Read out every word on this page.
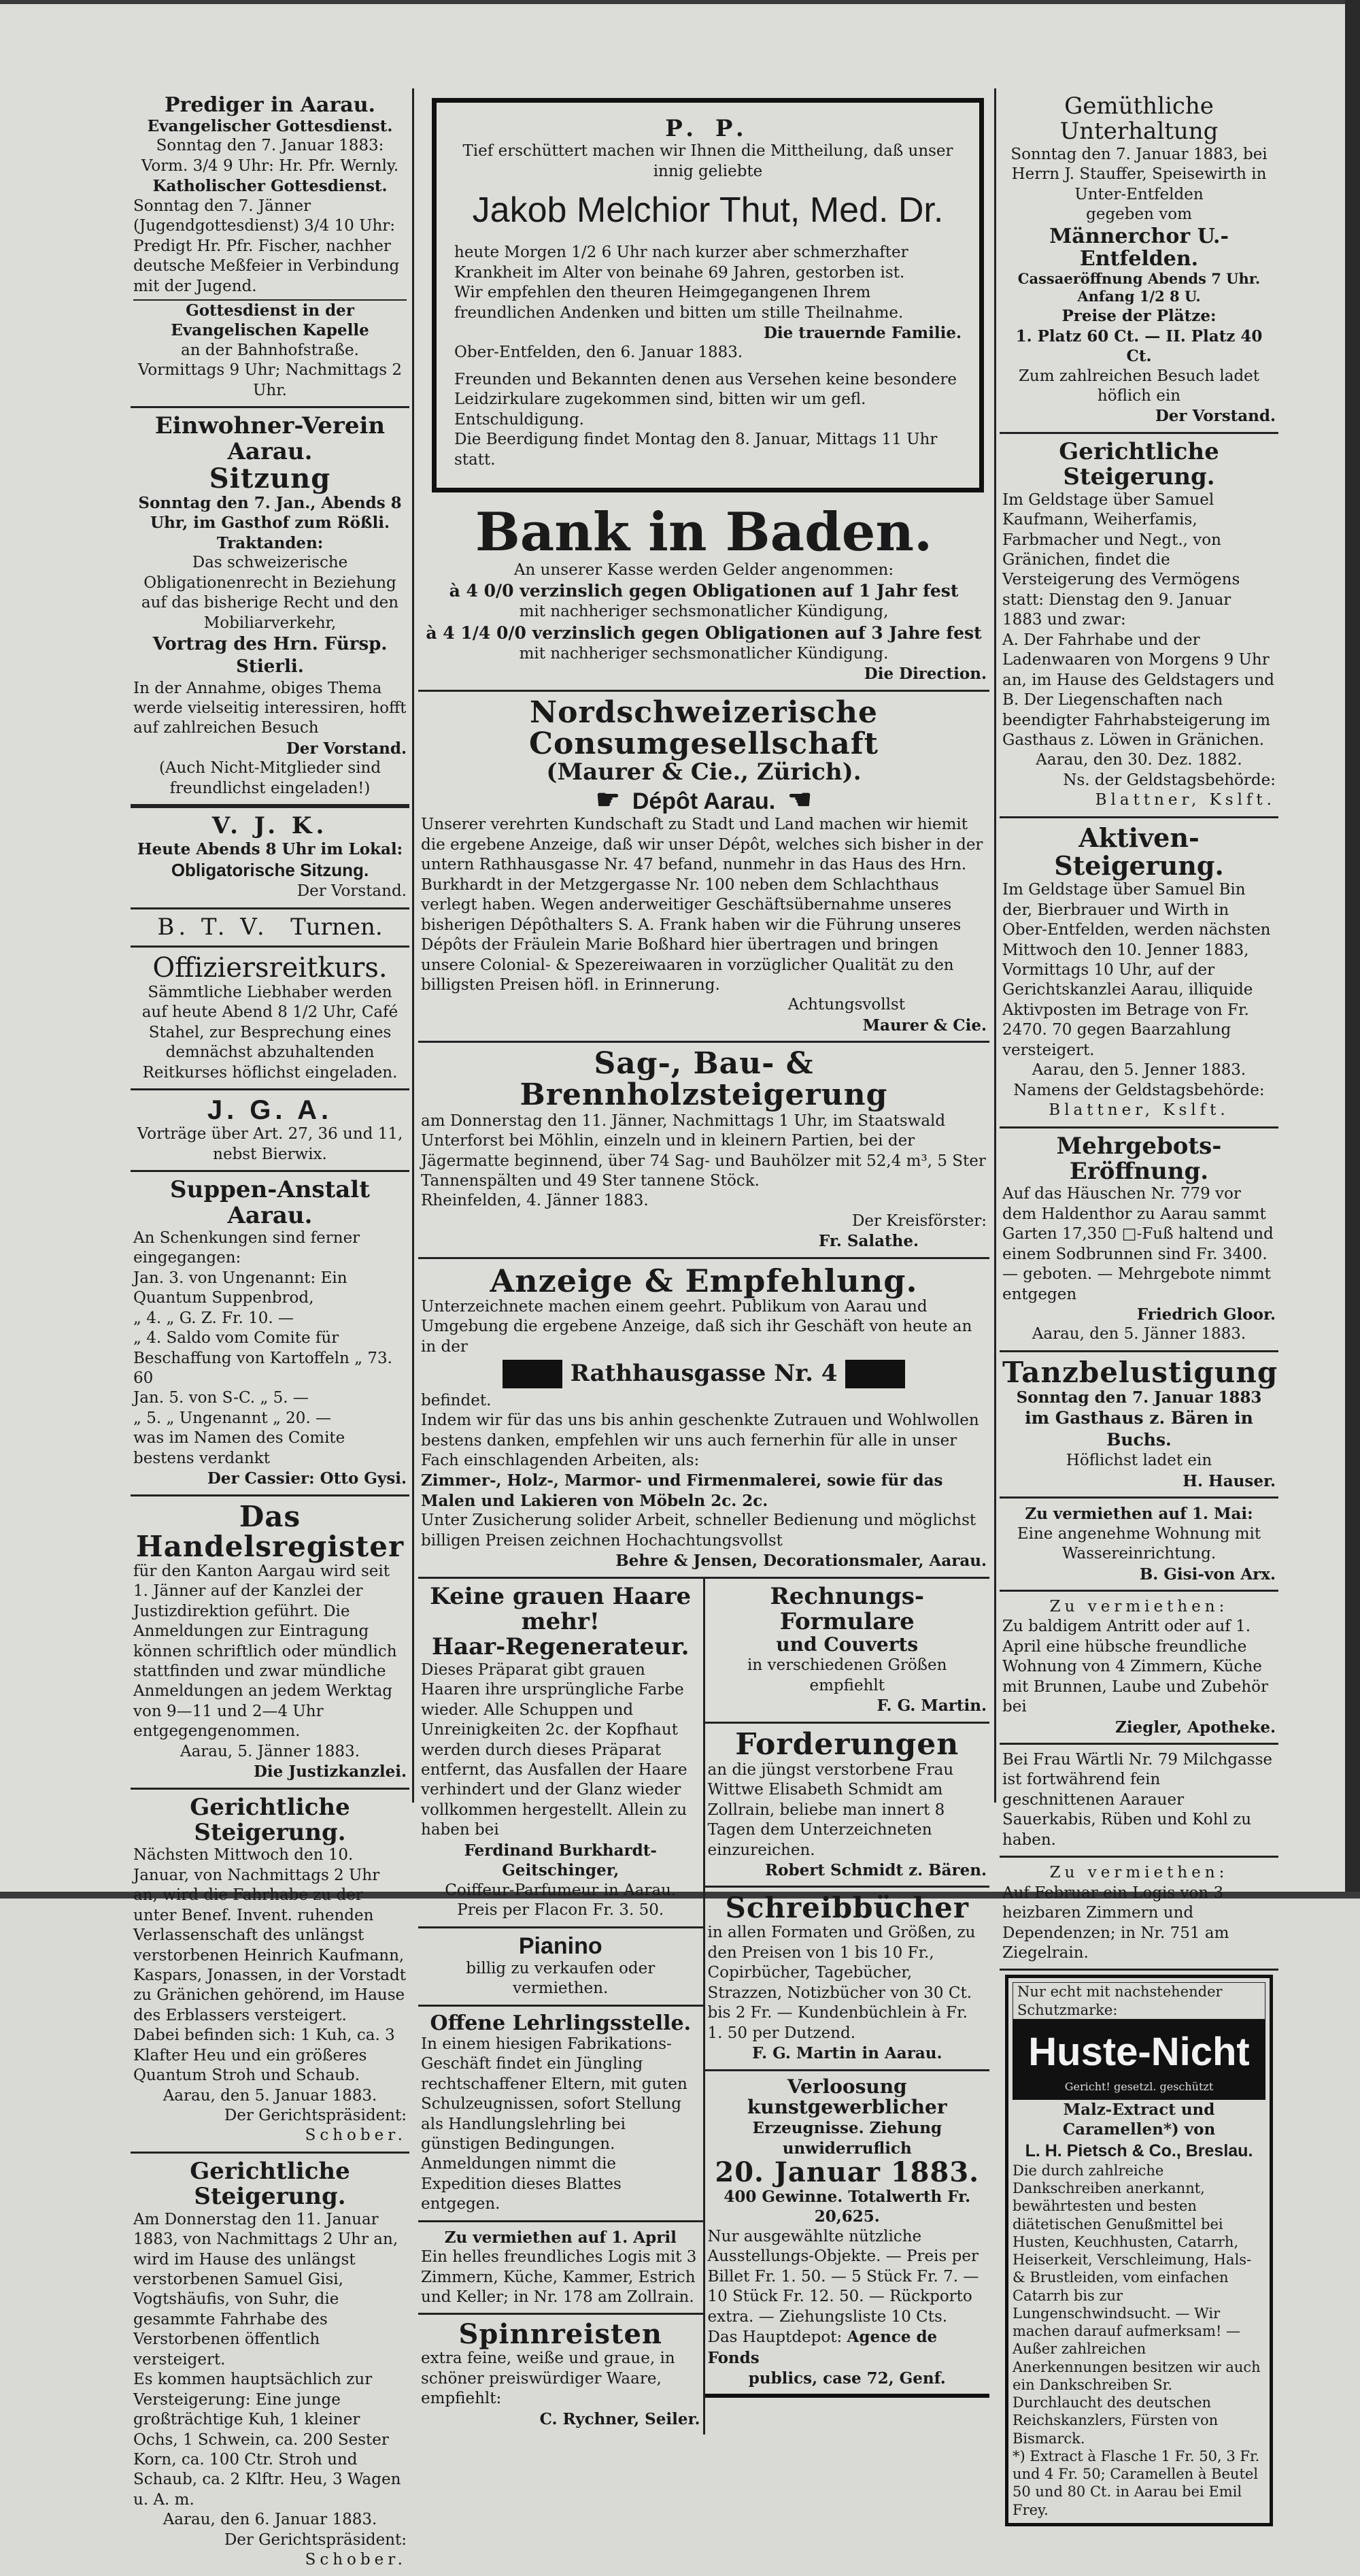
Prediger in Aarau.

Evangelischer Gottesdienst.

Sonntag den 7. Januar 1883:

Vorm. 3/4 9 Uhr: Hr. Pfr. Wernly.

Katholischer Gottesdienst.

Sonntag den 7. Jänner (Jugendgottesdienst) 3/4 10 Uhr: Predigt Hr. Pfr. Fischer, nachher deutsche Meßfeier in Verbindung mit der Jugend.

Gottesdienst in der Evangelischen Kapelle

an der Bahnhofstraße.

Vormittags 9 Uhr; Nachmittags 2 Uhr.

Einwohner-Verein Aarau.

Sitzung

Sonntag den 7. Jan., Abends 8 Uhr, im Gasthof zum Rößli.

Traktanden:

Das schweizerische Obligationenrecht in Beziehung auf das bisherige Recht und den Mobiliarverkehr,

Vortrag des Hrn. Fürsp. Stierli.

In der Annahme, obiges Thema werde vielseitig interessiren, hofft auf zahlreichen Besuch

Der Vorstand.

(Auch Nicht-Mitglieder sind freundlichst eingeladen!)

V. J. K.

Heute Abends 8 Uhr im Lokal:

Obligatorische Sitzung.

Der Vorstand.

B. T. V. Turnen.

Offiziersreitkurs.

Sämmtliche Liebhaber werden auf heute Abend 8 1/2 Uhr, Café Stahel, zur Besprechung eines demnächst abzuhaltenden Reitkurses höflichst eingeladen.

J. G. A.

Vorträge über Art. 27, 36 und 11, nebst Bierwix.

Suppen-Anstalt Aarau.

An Schenkungen sind ferner eingegangen:

Jan. 3. von Ungenannt: Ein Quantum Suppenbrod,

„ 4. „ G. Z. Fr. 10. —

„ 4. Saldo vom Comite für Beschaffung von Kartoffeln „ 73. 60

Jan. 5. von S-C. „ 5. —

„ 5. „ Ungenannt „ 20. —

was im Namen des Comite bestens verdankt

Der Cassier: Otto Gysi.

Das Handelsregister

für den Kanton Aargau wird seit 1. Jänner auf der Kanzlei der Justizdirektion geführt. Die Anmeldungen zur Eintragung können schriftlich oder mündlich stattfinden und zwar mündliche Anmeldungen an jedem Werktag von 9—11 und 2—4 Uhr entgegengenommen.

Aarau, 5. Jänner 1883.

Die Justizkanzlei.

Gerichtliche Steigerung.

Nächsten Mittwoch den 10. Januar, von Nachmittags 2 Uhr an, wird die Fahrhabe zu der unter Benef. Invent. ruhenden Verlassenschaft des unlängst verstorbenen Heinrich Kaufmann, Kaspars, Jonassen, in der Vorstadt zu Gränichen gehörend, im Hause des Erblassers versteigert.

Dabei befinden sich: 1 Kuh, ca. 3 Klafter Heu und ein größeres Quantum Stroh und Schaub.

Aarau, den 5. Januar 1883.

Der Gerichtspräsident:

Schober.

Gerichtliche Steigerung.

Am Donnerstag den 11. Januar 1883, von Nachmittags 2 Uhr an, wird im Hause des unlängst verstorbenen Samuel Gisi, Vogtshäufis, von Suhr, die gesammte Fahrhabe des Verstorbenen öffentlich versteigert.

Es kommen hauptsächlich zur Versteigerung: Eine junge großträchtige Kuh, 1 kleiner Ochs, 1 Schwein, ca. 200 Sester Korn, ca. 100 Ctr. Stroh und Schaub, ca. 2 Klftr. Heu, 3 Wagen u. A. m.

Aarau, den 6. Januar 1883.

Der Gerichtspräsident:

Schober.

P. P.

Tief erschüttert machen wir Ihnen die Mittheilung, daß unser innig geliebte

Jakob Melchior Thut, Med. Dr.

heute Morgen 1/2 6 Uhr nach kurzer aber schmerzhafter Krankheit im Alter von beinahe 69 Jahren, gestorben ist.

Wir empfehlen den theuren Heimgegangenen Ihrem freundlichen Andenken und bitten um stille Theilnahme.

Die trauernde Familie.

Ober-Entfelden, den 6. Januar 1883.

Freunden und Bekannten denen aus Versehen keine besondere Leidzirkulare zugekommen sind, bitten wir um gefl. Entschuldigung.

Die Beerdigung findet Montag den 8. Januar, Mittags 11 Uhr statt.

Bank in Baden.

An unserer Kasse werden Gelder angenommen:

à 4 0/0 verzinslich gegen Obligationen auf 1 Jahr fest

mit nachheriger sechsmonatlicher Kündigung,

à 4 1/4 0/0 verzinslich gegen Obligationen auf 3 Jahre fest

mit nachheriger sechsmonatlicher Kündigung.

Die Direction.

Nordschweizerische Consumgesellschaft

(Maurer & Cie., Zürich).

☛ Dépôt Aarau. ☚

Unserer verehrten Kundschaft zu Stadt und Land machen wir hiemit die ergebene Anzeige, daß wir unser Dépôt, welches sich bisher in der untern Rathhausgasse Nr. 47 befand, nunmehr in das Haus des Hrn. Burkhardt in der Metzgergasse Nr. 100 neben dem Schlachthaus verlegt haben. Wegen anderweitiger Geschäftsübernahme unseres bisherigen Dépôthalters S. A. Frank haben wir die Führung unseres Dépôts der Fräulein Marie Boßhard hier übertragen und bringen unsere Colonial- & Spezereiwaaren in vorzüglicher Qualität zu den billigsten Preisen höfl. in Erinnerung.

Achtungsvollst

Maurer & Cie.

Sag-, Bau- & Brennholzsteigerung

am Donnerstag den 11. Jänner, Nachmittags 1 Uhr, im Staatswald Unterforst bei Möhlin, einzeln und in kleinern Partien, bei der Jägermatte beginnend, über 74 Sag- und Bauhölzer mit 52,4 m³, 5 Ster Tannenspälten und 49 Ster tannene Stöck.

Rheinfelden, 4. Jänner 1883.

Der Kreisförster:

Fr. Salathe.

Anzeige & Empfehlung.

Unterzeichnete machen einem geehrt. Publikum von Aarau und Umgebung die ergebene Anzeige, daß sich ihr Geschäft von heute an in der

Rathhausgasse Nr. 4

befindet.

Indem wir für das uns bis anhin geschenkte Zutrauen und Wohlwollen bestens danken, empfehlen wir uns auch fernerhin für alle in unser Fach einschlagenden Arbeiten, als:

Zimmer-, Holz-, Marmor- und Firmenmalerei, sowie für das Malen und Lakieren von Möbeln 2c. 2c.

Unter Zusicherung solider Arbeit, schneller Bedienung und möglichst billigen Preisen zeichnen Hochachtungsvollst

Behre & Jensen, Decorationsmaler, Aarau.

Keine grauen Haare mehr!

Haar-Regenerateur.

Dieses Präparat gibt grauen Haaren ihre ursprüngliche Farbe wieder. Alle Schuppen und Unreinigkeiten 2c. der Kopfhaut werden durch dieses Präparat entfernt, das Ausfallen der Haare verhindert und der Glanz wieder vollkommen hergestellt. Allein zu haben bei

Ferdinand Burkhardt-Geitschinger,

Coiffeur-Parfumeur in Aarau.

Preis per Flacon Fr. 3. 50.

Pianino

billig zu verkaufen oder vermiethen.

Offene Lehrlingsstelle.

In einem hiesigen Fabrikations-Geschäft findet ein Jüngling rechtschaffener Eltern, mit guten Schulzeugnissen, sofort Stellung als Handlungslehrling bei günstigen Bedingungen.

Anmeldungen nimmt die Expedition dieses Blattes entgegen.

Zu vermiethen auf 1. April

Ein helles freundliches Logis mit 3 Zimmern, Küche, Kammer, Estrich und Keller; in Nr. 178 am Zollrain.

Spinnreisten

extra feine, weiße und graue, in schöner preiswürdiger Waare, empfiehlt:

C. Rychner, Seiler.

Rechnungs-Formulare

und Couverts

in verschiedenen Größen empfiehlt

F. G. Martin.

Forderungen

an die jüngst verstorbene Frau Wittwe Elisabeth Schmidt am Zollrain, beliebe man innert 8 Tagen dem Unterzeichneten einzureichen.

Robert Schmidt z. Bären.

Schreibbücher

in allen Formaten und Größen, zu den Preisen von 1 bis 10 Fr., Copirbücher, Tagebücher, Strazzen, Notizbücher von 30 Ct. bis 2 Fr. — Kundenbüchlein à Fr. 1. 50 per Dutzend.

F. G. Martin in Aarau.

Verloosung kunstgewerblicher

Erzeugnisse. Ziehung unwiderruflich

20. Januar 1883.

400 Gewinne. Totalwerth Fr. 20,625.

Nur ausgewählte nützliche Ausstellungs-Objekte. — Preis per Billet Fr. 1. 50. — 5 Stück Fr. 7. — 10 Stück Fr. 12. 50. — Rückporto extra. — Ziehungsliste 10 Cts.

Das Hauptdepot: Agence de Fonds

publics, case 72, Genf.

Gemüthliche Unterhaltung

Sonntag den 7. Januar 1883, bei Herrn J. Stauffer, Speisewirth in Unter-Entfelden

gegeben vom

Männerchor U.-Entfelden.

Cassaeröffnung Abends 7 Uhr. Anfang 1/2 8 U.

Preise der Plätze:

1. Platz 60 Ct. — II. Platz 40 Ct.

Zum zahlreichen Besuch ladet höflich ein

Der Vorstand.

Gerichtliche Steigerung.

Im Geldstage über Samuel Kaufmann, Weiherfamis, Farbmacher und Negt., von Gränichen, findet die Versteigerung des Vermögens statt: Dienstag den 9. Januar 1883 und zwar:

A. Der Fahrhabe und der Ladenwaaren von Morgens 9 Uhr an, im Hause des Geldstagers und

B. Der Liegenschaften nach beendigter Fahrhabsteigerung im Gasthaus z. Löwen in Gränichen.

Aarau, den 30. Dez. 1882.

Ns. der Geldstagsbehörde:

Blattner, Kslft.

Aktiven-Steigerung.

Im Geldstage über Samuel Bin der, Bierbrauer und Wirth in Ober-Entfelden, werden nächsten Mittwoch den 10. Jenner 1883, Vormittags 10 Uhr, auf der Gerichtskanzlei Aarau, illiquide Aktivposten im Betrage von Fr. 2470. 70 gegen Baarzahlung versteigert.

Aarau, den 5. Jenner 1883.

Namens der Geldstagsbehörde:

Blattner, Kslft.

Mehrgebots-Eröffnung.

Auf das Häuschen Nr. 779 vor dem Haldenthor zu Aarau sammt Garten 17,350 □-Fuß haltend und einem Sodbrunnen sind Fr. 3400. — geboten. — Mehrgebote nimmt entgegen

Friedrich Gloor.

Aarau, den 5. Jänner 1883.

Tanzbelustigung

Sonntag den 7. Januar 1883

im Gasthaus z. Bären in Buchs.

Höflichst ladet ein

H. Hauser.

Zu vermiethen auf 1. Mai:

Eine angenehme Wohnung mit Wassereinrichtung.

B. Gisi-von Arx.

Zu vermiethen:

Zu baldigem Antritt oder auf 1. April eine hübsche freundliche Wohnung von 4 Zimmern, Küche mit Brunnen, Laube und Zubehör bei

Ziegler, Apotheke.

Bei Frau Wärtli Nr. 79 Milchgasse ist fortwährend fein geschnittenen Aarauer Sauerkabis, Rüben und Kohl zu haben.

Zu vermiethen:

Auf Februar ein Logis von 3 heizbaren Zimmern und Dependenzen; in Nr. 751 am Ziegelrain.

Nur echt mit nachstehender Schutzmarke:

Huste-Nicht
Gericht! gesetzl. geschützt

Malz-Extract und Caramellen*) von

L. H. Pietsch & Co., Breslau.

Die durch zahlreiche Dankschreiben anerkannt, bewährtesten und besten diätetischen Genußmittel bei Husten, Keuchhusten, Catarrh, Heiserkeit, Verschleimung, Hals- & Brustleiden, vom einfachen Catarrh bis zur Lungenschwindsucht. — Wir machen darauf aufmerksam! — Außer zahlreichen Anerkennungen besitzen wir auch ein Dankschreiben Sr. Durchlaucht des deutschen Reichskanzlers, Fürsten von Bismarck.

*) Extract à Flasche 1 Fr. 50, 3 Fr. und 4 Fr. 50; Caramellen à Beutel 50 und 80 Ct. in Aarau bei Emil Frey.
